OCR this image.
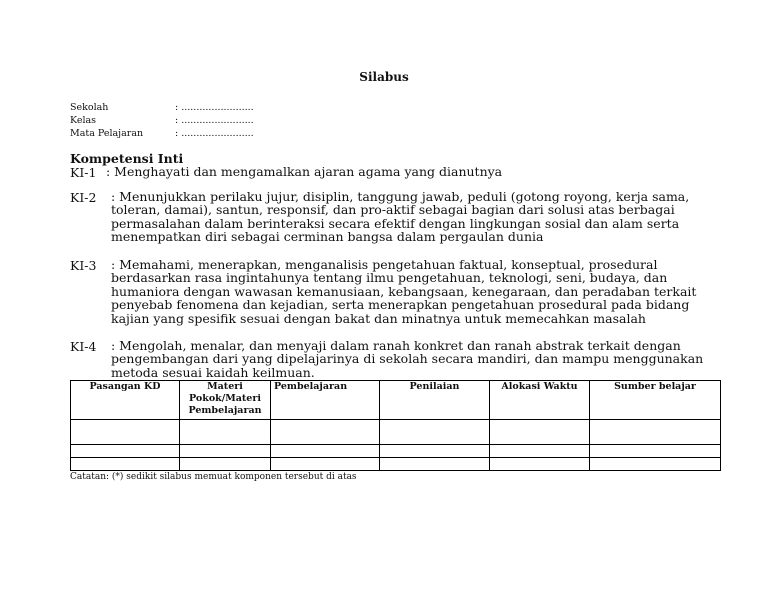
Silabus
Sekolah	: ........................
Kelas	: ........................
Mata Pelajaran	: ........................
Kompetensi Inti
KI-1 : Menghayati dan mengamalkan ajaran agama yang dianutnya
KI-2 : Menunjukkan perilaku jujur, disiplin, tanggung jawab, peduli (gotong royong, kerja sama, toleran, damai), santun, responsif, dan pro-aktif sebagai bagian dari solusi atas berbagai permasalahan dalam berinteraksi secara efektif dengan lingkungan sosial dan alam serta menempatkan diri sebagai cerminan bangsa dalam pergaulan dunia
KI-3 : Memahami, menerapkan, menganalisis pengetahuan faktual, konseptual, prosedural berdasarkan rasa ingintahunya tentang ilmu pengetahuan, teknologi, seni, budaya, dan humaniora dengan wawasan kemanusiaan, kebangsaan, kenegaraan, dan peradaban terkait penyebab fenomena dan kejadian, serta menerapkan pengetahuan prosedural pada bidang kajian yang spesifik sesuai dengan bakat dan minatnya untuk memecahkan masalah
KI-4 : Mengolah, menalar, dan menyaji dalam ranah konkret dan ranah abstrak terkait dengan pengembangan dari yang dipelajarinya di sekolah secara mandiri, dan mampu menggunakan metoda sesuai kaidah keilmuan.
Pasangan KD	Materi Pokok/Materi Pembelajaran	Pembelajaran	Penilaian	Alokasi Waktu	Sumber belajar

Catatan: (*) sedikit silabus memuat komponen tersebut di atas
